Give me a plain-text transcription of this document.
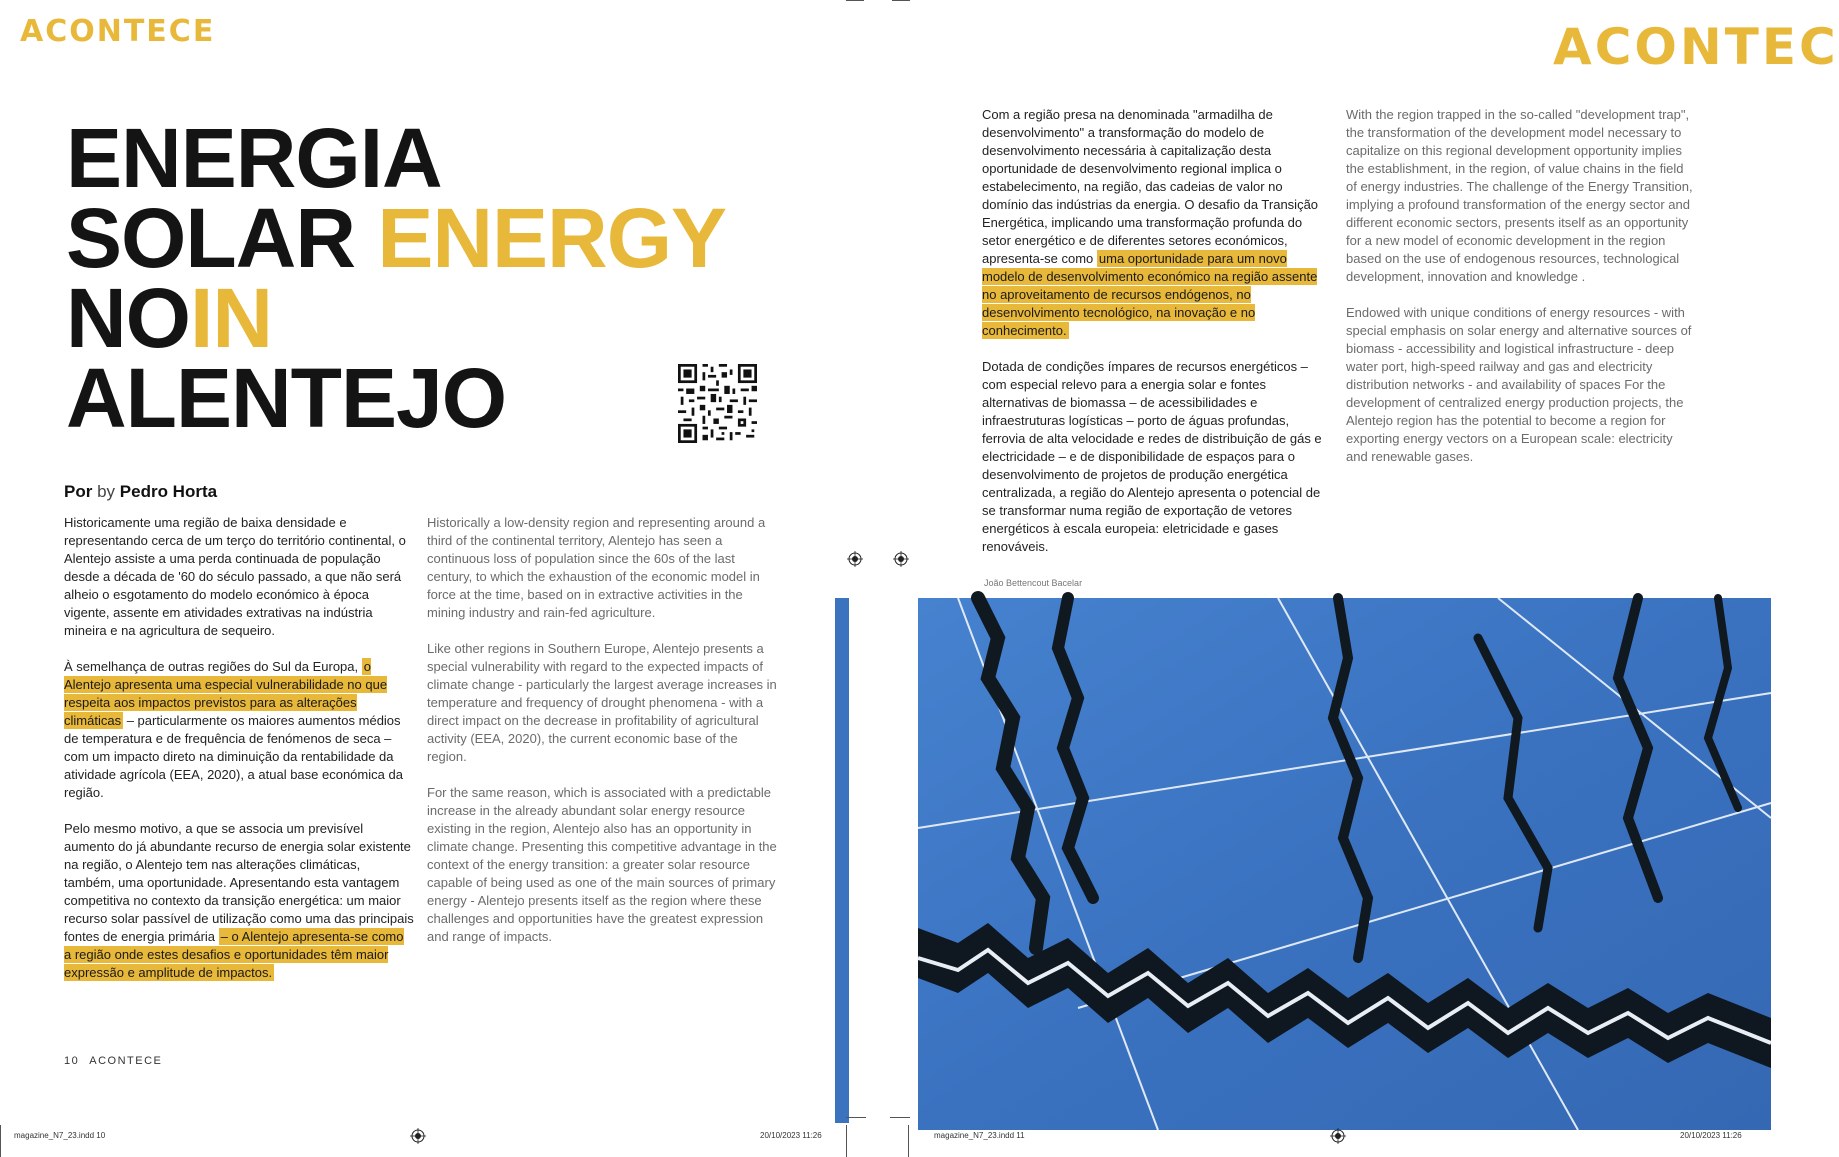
ACONTECE	ACONTEC
ENERGIA
SOLAR ENERGY
NOIN
ALENTEJO
Por by Pedro Horta

Historicamente uma região de baixa densidade e representando cerca de um terço do território continental, o Alentejo assiste a uma perda continuada de população desde a década de '60 do século passado, a que não será alheio o esgotamento do modelo económico à época vigente, assente em atividades extrativas na indústria mineira e na agricultura de sequeiro.

À semelhança de outras regiões do Sul da Europa, o Alentejo apresenta uma especial vulnerabilidade no que respeita aos impactos previstos para as alterações climáticas – particularmente os maiores aumentos médios de temperatura e de frequência de fenómenos de seca – com um impacto direto na diminuição da rentabilidade da atividade agrícola (EEA, 2020), a atual base económica da região.

Pelo mesmo motivo, a que se associa um previsível aumento do já abundante recurso de energia solar existente na região, o Alentejo tem nas alterações climáticas, também, uma oportunidade. Apresentando esta vantagem competitiva no contexto da transição energética: um maior recurso solar passível de utilização como uma das principais fontes de energia primária – o Alentejo apresenta-se como a região onde estes desafios e oportunidades têm maior expressão e amplitude de impactos.

Historically a low-density region and representing around a third of the continental territory, Alentejo has seen a continuous loss of population since the 60s of the last century, to which the exhaustion of the economic model in force at the time, based on in extractive activities in the mining industry and rain-fed agriculture.

Like other regions in Southern Europe, Alentejo presents a special vulnerability with regard to the expected impacts of climate change - particularly the largest average increases in temperature and frequency of drought phenomena - with a direct impact on the decrease in profitability of agricultural activity (EEA, 2020), the current economic base of the region.

For the same reason, which is associated with a predictable increase in the already abundant solar energy resource existing in the region, Alentejo also has an opportunity in climate change. Presenting this competitive advantage in the context of the energy transition: a greater solar resource capable of being used as one of the main sources of primary energy - Alentejo presents itself as the region where these challenges and opportunities have the greatest expression and range of impacts.

Com a região presa na denominada "armadilha de desenvolvimento" a transformação do modelo de desenvolvimento necessária à capitalização desta oportunidade de desenvolvimento regional implica o estabelecimento, na região, das cadeias de valor no domínio das indústrias da energia. O desafio da Transição Energética, implicando uma transformação profunda do setor energético e de diferentes setores económicos, apresenta-se como uma oportunidade para um novo modelo de desenvolvimento económico na região assente no aproveitamento de recursos endógenos, no desenvolvimento tecnológico, na inovação e no conhecimento.

Dotada de condições ímpares de recursos energéticos – com especial relevo para a energia solar e fontes alternativas de biomassa – de acessibilidades e infraestruturas logísticas – porto de águas profundas, ferrovia de alta velocidade e redes de distribuição de gás e electricidade – e de disponibilidade de espaços para o desenvolvimento de projetos de produção energética centralizada, a região do Alentejo apresenta o potencial de se transformar numa região de exportação de vetores energéticos à escala europeia: eletricidade e gases renováveis.

With the region trapped in the so-called "development trap", the transformation of the development model necessary to capitalize on this regional development opportunity implies the establishment, in the region, of value chains in the field of energy industries. The challenge of the Energy Transition, implying a profound transformation of the energy sector and different economic sectors, presents itself as an opportunity for a new model of economic development in the region based on the use of endogenous resources, technological development, innovation and knowledge .

Endowed with unique conditions of energy resources - with special emphasis on solar energy and alternative sources of biomass - accessibility and logistical infrastructure - deep water port, high-speed railway and gas and electricity distribution networks - and availability of spaces For the development of centralized energy production projects, the Alentejo region has the potential to become a region for exporting energy vectors on a European scale: electricity and renewable gases.

João Bettencout Bacelar
10 ACONTECE
magazine_N7_23.indd 10	20/10/2023 11:26	magazine_N7_23.indd 11	20/10/2023 11:26
